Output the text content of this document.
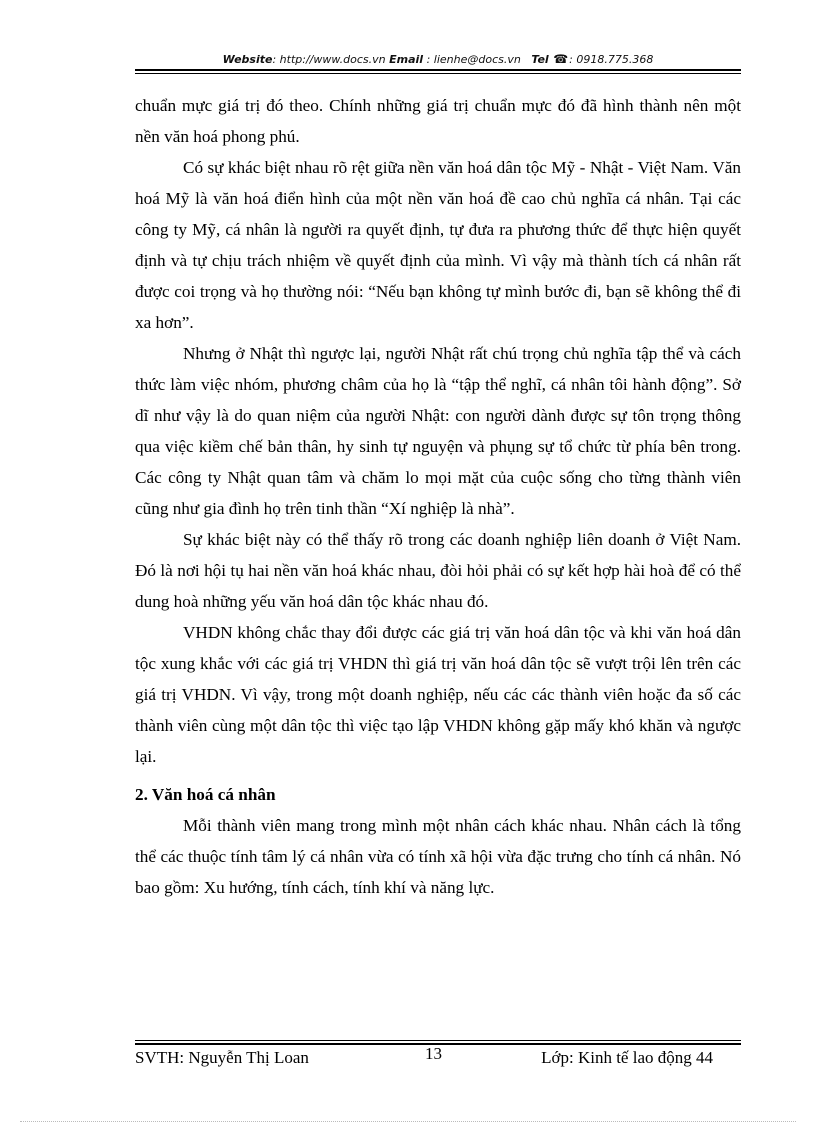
Website: http://www.docs.vn Email : lienhe@docs.vn Tel ☎: 0918.775.368

chuẩn mực giá trị đó theo. Chính những giá trị chuẩn mực đó đã hình thành nên một nền văn hoá phong phú.

Có sự khác biệt nhau rõ rệt giữa nền văn hoá dân tộc Mỹ - Nhật - Việt Nam. Văn hoá Mỹ là văn hoá điển hình của một nền văn hoá đề cao chủ nghĩa cá nhân. Tại các công ty Mỹ, cá nhân là người ra quyết định, tự đưa ra phương thức để thực hiện quyết định và tự chịu trách nhiệm về quyết định của mình. Vì vậy mà thành tích cá nhân rất được coi trọng và họ thường nói: “Nếu bạn không tự mình bước đi, bạn sẽ không thể đi xa hơn”.

Nhưng ở Nhật thì ngược lại, người Nhật rất chú trọng chủ nghĩa tập thể và cách thức làm việc nhóm, phương châm của họ là “tập thể nghĩ, cá nhân tôi hành động”. Sở dĩ như vậy là do quan niệm của người Nhật: con người dành được sự tôn trọng thông qua việc kiềm chế bản thân, hy sinh tự nguyện và phụng sự tổ chức từ phía bên trong. Các công ty Nhật quan tâm và chăm lo mọi mặt của cuộc sống cho từng thành viên cũng như gia đình họ trên tinh thần “Xí nghiệp là nhà”.

Sự khác biệt này có thể thấy rõ trong các doanh nghiệp liên doanh ở Việt Nam. Đó là nơi hội tụ hai nền văn hoá khác nhau, đòi hỏi phải có sự kết hợp hài hoà để có thể dung hoà những yếu văn hoá dân tộc khác nhau đó.

VHDN không chắc thay đổi được các giá trị văn hoá dân tộc và khi văn hoá dân tộc xung khắc với các giá trị VHDN thì giá trị văn hoá dân tộc sẽ vượt trội lên trên các giá trị VHDN. Vì vậy, trong một doanh nghiệp, nếu các các thành viên hoặc đa số các thành viên cùng một dân tộc thì việc tạo lập VHDN không gặp mấy khó khăn và ngược lại.

2. Văn hoá cá nhân

Mỗi thành viên mang trong mình một nhân cách khác nhau. Nhân cách là tổng thể các thuộc tính tâm lý cá nhân vừa có tính xã hội vừa đặc trưng cho tính cá nhân. Nó bao gồm: Xu hướng, tính cách, tính khí và năng lực.

SVTH: Nguyễn Thị Loan	13	Lớp: Kinh tế lao động 44
